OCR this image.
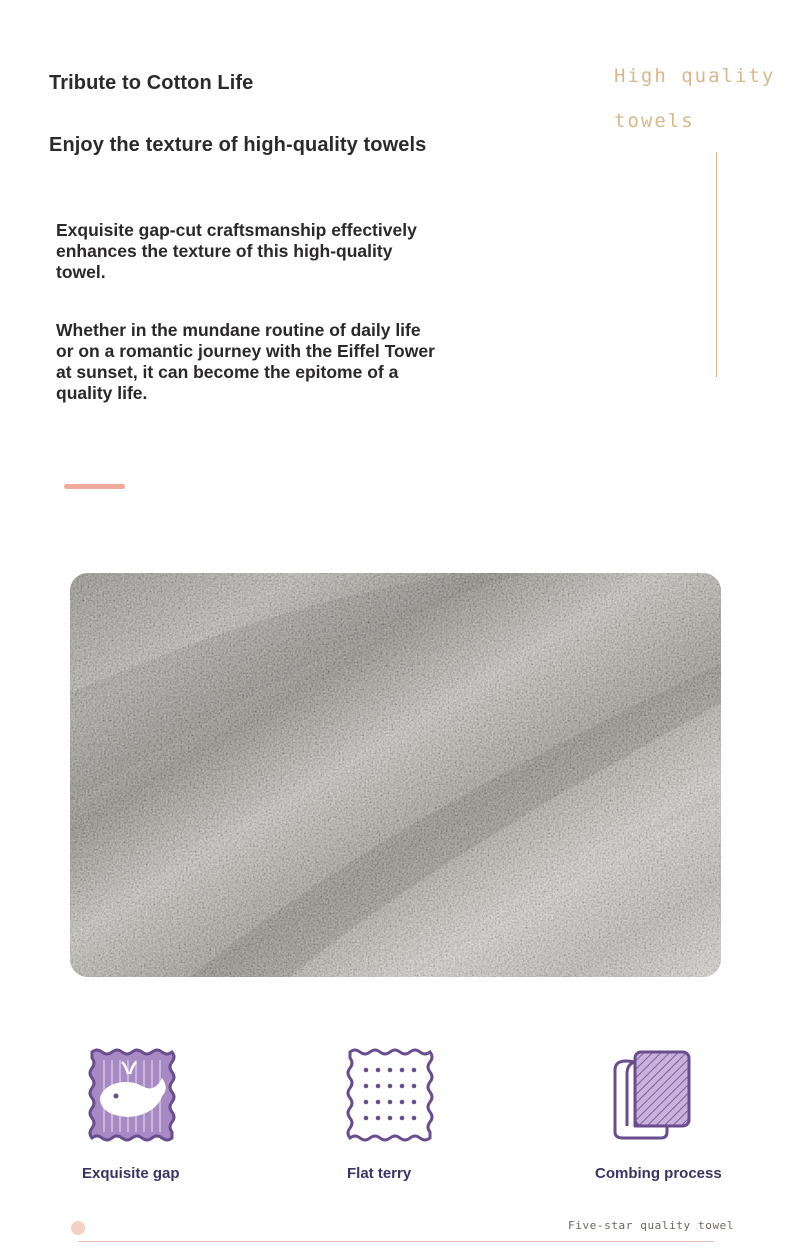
Tribute to Cotton Life
Enjoy the texture of high-quality towels
High quality
towels

Exquisite gap-cut craftsmanship effectively enhances the texture of this high-quality towel.

Whether in the mundane routine of daily life or on a romantic journey with the Eiffel Tower at sunset, it can become the epitome of a quality life.

Exquisite gap	Flat terry	Combing process
Five-star quality towel
